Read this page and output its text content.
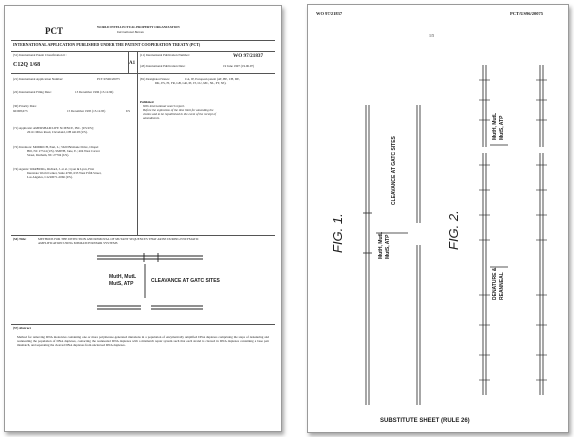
PCT	WORLD INTELLECTUAL PROPERTY ORGANIZATION
International Bureau
INTERNATIONAL APPLICATION PUBLISHED UNDER THE PATENT COOPERATION TREATY (PCT)
(51) International Patent Classification 6 :
C12Q 1/68	A1
(11) International Publication Number:	WO 97/21837
(43) International Publication Date:	19 June 1997 (19.06.97)
(21) International Application Number:	PCT/US96/20075
(22) International Filing Date:	13 December 1996 (13.12.96)
(30) Priority Data:
60/008,673	15 December 1995 (15.12.95)	US
(71) Applicant: AMERSHAM LIFE SCIENCE, INC. [US/US];
26111 Miles Road, Cleveland, OH 44128 (US).
(72) Inventors: MODRICH, Paul, L.; 5620 Brisbane Drive, Chapel
Hill, NC 27514 (US). SMITH, Jane, E.; 404 West Carver
Street, Durham, NC 27704 (US).
(74) Agents: WARBURG, Richard, J. et al.; Lyon & Lyon, First
Interstate World Center, Suite 4700, 633 West Fifth Street,
Los Angeles, CA 90071-2066 (US).
(81) Designated States:	CA, JP, European patent (AT, BE, CH, DE,
DK, ES, FI, FR, GB, GR, IE, IT, LU, MC, NL, PT, SE).
Published
With international search report.
Before the expiration of the time limit for amending the
claims and to be republished in the event of the receipt of
amendments.
(54) Title:	METHODS FOR THE DETECTION AND REMOVAL OF MUTANT SEQUENCES THAT ARISE DURING ENZYMATIC
AMPLIFICATION USING MISMATCH REPAIR SYSTEMS
MutH, MutL
MutS, ATP	CLEAVANCE AT GATC SITES
(57) Abstract
Method for removing DNA molecules containing one or more polymerase-generated mutations in a population of enzymatically amplified DNA duplexes comprising the steps of denaturing and reannealing the population of DNA duplexes, contacting the reannealed DNA duplexes with a mismatch repair system such that each strand is cleaved in DNA duplexes containing a base pair mismatch, and separating the cleaved DNA duplexes from uncleaved DNA duplexes.
WO 97/21837	PCT/US96/20075
1/5
FIG. 1.	MutH, MutL MutS, ATP
CLEAVANCE AT GATC SITES
FIG. 2.
MutH, MutL MutS, ATP
DENATURE & REANNEAL
SUBSTITUTE SHEET (RULE 26)
